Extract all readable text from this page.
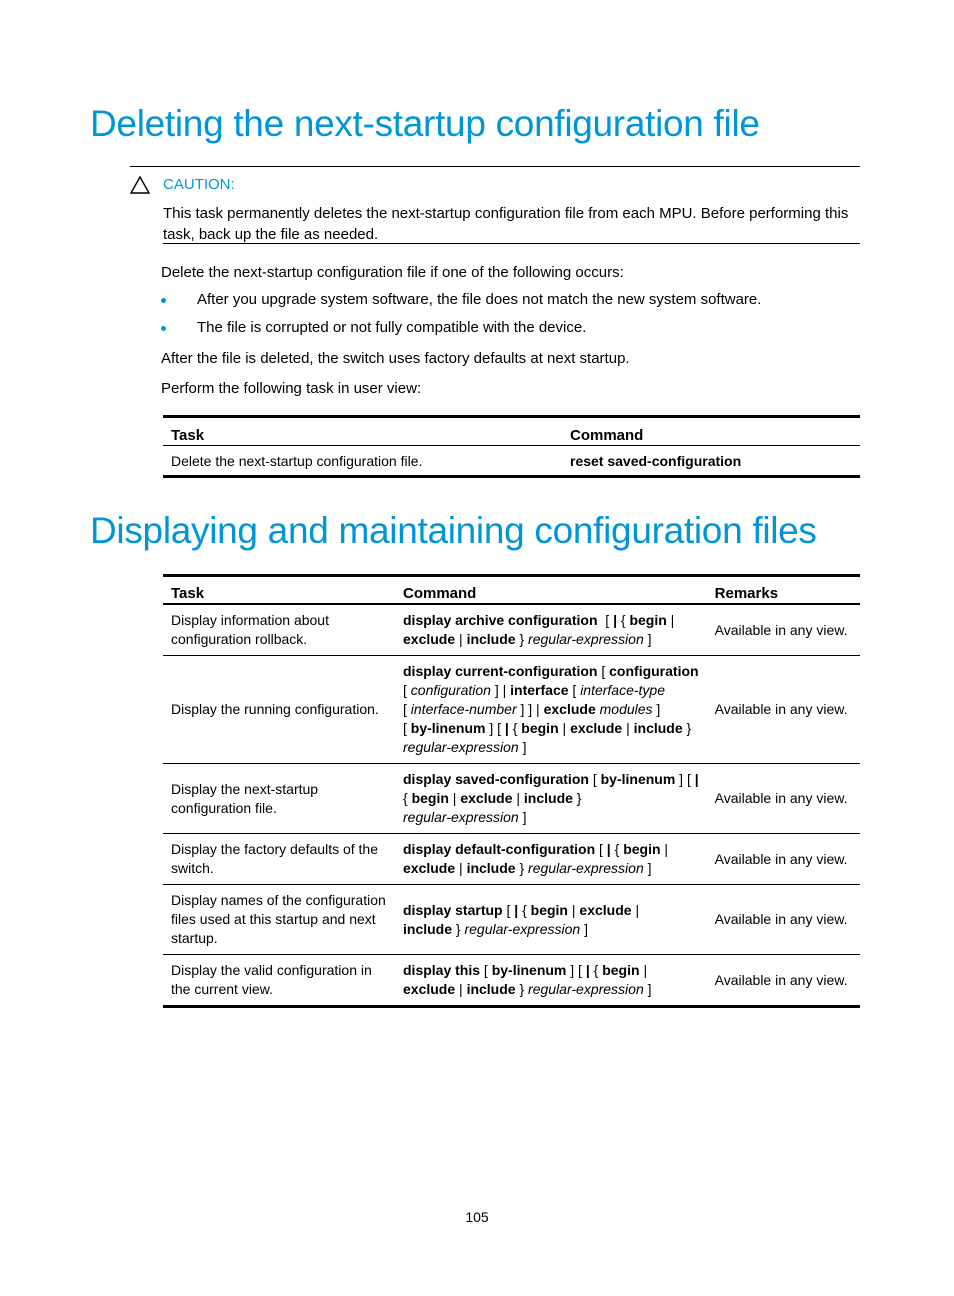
Deleting the next-startup configuration file
CAUTION:
This task permanently deletes the next-startup configuration file from each MPU. Before performing this task, back up the file as needed.
Delete the next-startup configuration file if one of the following occurs:
After you upgrade system software, the file does not match the new system software.
The file is corrupted or not fully compatible with the device.
After the file is deleted, the switch uses factory defaults at next startup.
Perform the following task in user view:
Task	Command
Delete the next-startup configuration file.	reset saved-configuration
Displaying and maintaining configuration files
Task	Command	Remarks
Display information about configuration rollback.	display archive configuration  [ | { begin |
exclude | include } regular-expression ]	Available in any view.
Display the running configuration.	display current-configuration [ configuration
[ configuration ] | interface [ interface-type
[ interface-number ] ] | exclude modules ]
[ by-linenum ] [ | { begin | exclude | include }
regular-expression ]	Available in any view.
Display the next-startup configuration file.	display saved-configuration [ by-linenum ] [ |
{ begin | exclude | include }
regular-expression ]	Available in any view.
Display the factory defaults of the switch.	display default-configuration [ | { begin |
exclude | include } regular-expression ]	Available in any view.
Display names of the configuration files used at this startup and next startup.	display startup [ | { begin | exclude |
include } regular-expression ]	Available in any view.
Display the valid configuration in the current view.	display this [ by-linenum ] [ | { begin |
exclude | include } regular-expression ]	Available in any view.
105
